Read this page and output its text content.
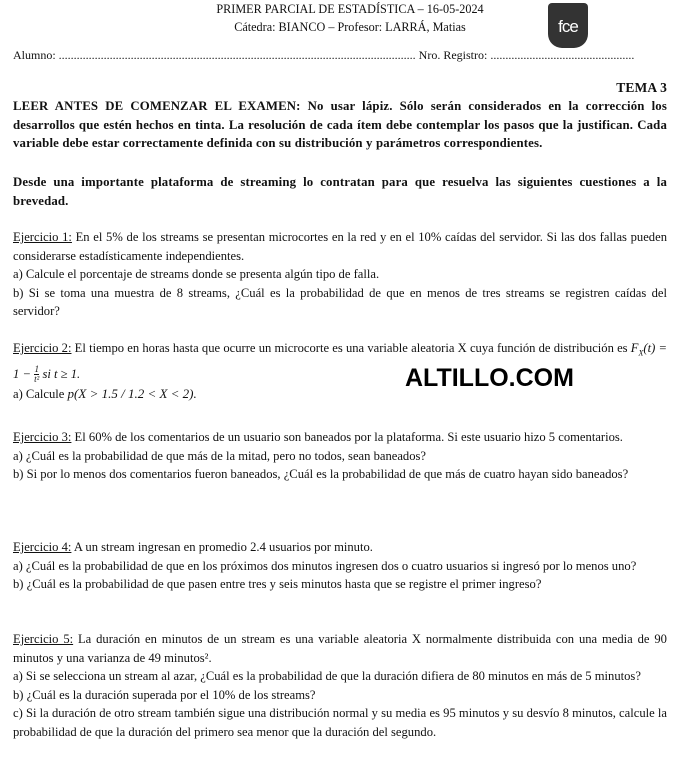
PRIMER PARCIAL DE ESTADÍSTICA – 16-05-2024
Cátedra: BIANCO – Profesor: LARRÁ, Matias	fce
Alumno: ....................................................................................................................... Nro. Registro: ................................................
TEMA 3
LEER ANTES DE COMENZAR EL EXAMEN: No usar lápiz. Sólo serán considerados en la corrección los desarrollos que estén hechos en tinta. La resolución de cada ítem debe contemplar los pasos que la justifican. Cada variable debe estar correctamente definida con su distribución y parámetros correspondientes.
Desde una importante plataforma de streaming lo contratan para que resuelva las siguientes cuestiones a la brevedad.
Ejercicio 1: En el 5% de los streams se presentan microcortes en la red y en el 10% caídas del servidor. Si las dos fallas pueden considerarse estadísticamente independientes.
a) Calcule el porcentaje de streams donde se presenta algún tipo de falla.
b) Si se toma una muestra de 8 streams, ¿Cuál es la probabilidad de que en menos de tres streams se registren caídas del servidor?
Ejercicio 2: El tiempo en horas hasta que ocurre un microcorte es una variable aleatoria X cuya función de distribución es $F_X(t) = 1 - \frac{1}{\text{t²}}$ si t ≥ 1.
a) Calcule p(X > 1.5 / 1.2 < X < 2).
ALTILLO.COM
Ejercicio 3: El 60% de los comentarios de un usuario son baneados por la plataforma. Si este usuario hizo 5 comentarios.
a) ¿Cuál es la probabilidad de que más de la mitad, pero no todos, sean baneados?
b) Si por lo menos dos comentarios fueron baneados, ¿Cuál es la probabilidad de que más de cuatro hayan sido baneados?
Ejercicio 4: A un stream ingresan en promedio 2.4 usuarios por minuto.
a) ¿Cuál es la probabilidad de que en los próximos dos minutos ingresen dos o cuatro usuarios si ingresó por lo menos uno?
b) ¿Cuál es la probabilidad de que pasen entre tres y seis minutos hasta que se registre el primer ingreso?
Ejercicio 5: La duración en minutos de un stream es una variable aleatoria X normalmente distribuida con una media de 90 minutos y una varianza de 49 minutos².
a) Si se selecciona un stream al azar, ¿Cuál es la probabilidad de que la duración difiera de 80 minutos en más de 5 minutos?
b) ¿Cuál es la duración superada por el 10% de los streams?
c) Si la duración de otro stream también sigue una distribución normal y su media es 95 minutos y su desvío 8 minutos, calcule la probabilidad de que la duración del primero sea menor que la duración del segundo.
